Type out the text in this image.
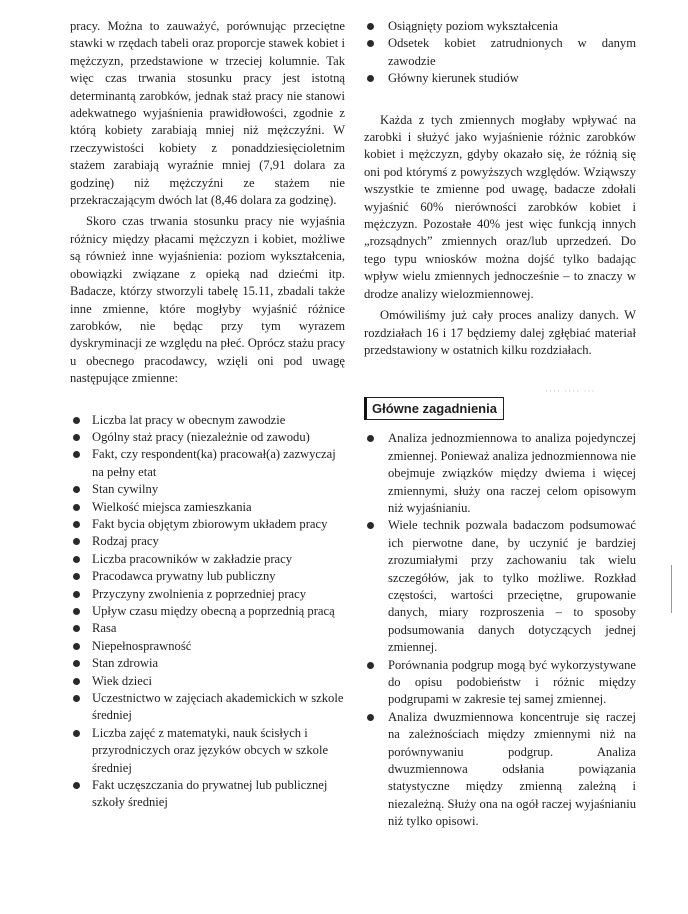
pracy. Można to zauważyć, porównując przeciętne stawki w rzędach tabeli oraz proporcje stawek kobiet i mężczyzn, przedstawione w trzeciej kolumnie. Tak więc czas trwania stosunku pracy jest istotną determinantą zarobków, jednak staż pracy nie stanowi adekwatnego wyjaśnienia prawidłowości, zgodnie z którą kobiety zarabiają mniej niż mężczyźni. W rzeczywistości kobiety z ponaddziesięcioletnim stażem zarabiają wyraźnie mniej (7,91 dolara za godzinę) niż mężczyźni ze stażem nie przekraczającym dwóch lat (8,46 dolara za godzinę).

Skoro czas trwania stosunku pracy nie wyjaśnia różnicy między płacami mężczyzn i kobiet, możliwe są również inne wyjaśnienia: poziom wykształcenia, obowiązki związane z opieką nad dziećmi itp. Badacze, którzy stworzyli tabelę 15.11, zbadali także inne zmienne, które mogłyby wyjaśnić różnice zarobków, nie będąc przy tym wyrazem dyskryminacji ze względu na płeć. Oprócz stażu pracy u obecnego pracodawcy, wzięli oni pod uwagę następujące zmienne:

Liczba lat pracy w obecnym zawodzie
Ogólny staż pracy (niezależnie od zawodu)
Fakt, czy respondent(ka) pracował(a) zazwyczaj na pełny etat
Stan cywilny
Wielkość miejsca zamieszkania
Fakt bycia objętym zbiorowym układem pracy
Rodzaj pracy
Liczba pracowników w zakładzie pracy
Pracodawca prywatny lub publiczny
Przyczyny zwolnienia z poprzedniej pracy
Upływ czasu między obecną a poprzednią pracą
Rasa
Niepełnosprawność
Stan zdrowia
Wiek dzieci
Uczestnictwo w zajęciach akademickich w szkole średniej
Liczba zajęć z matematyki, nauk ścisłych i przyrodniczych oraz języków obcych w szkole średniej
Fakt uczęszczania do prywatnej lub publicznej szkoły średniej
Osiągnięty poziom wykształcenia
Odsetek kobiet zatrudnionych w danym zawodzie
Główny kierunek studiów

Każda z tych zmiennych mogłaby wpływać na zarobki i służyć jako wyjaśnienie różnic zarobków kobiet i mężczyzn, gdyby okazało się, że różnią się oni pod którymś z powyższych względów. Wziąwszy wszystkie te zmienne pod uwagę, badacze zdołali wyjaśnić 60% nierówności zarobków kobiet i mężczyzn. Pozostałe 40% jest więc funkcją innych „rozsądnych” zmiennych oraz/lub uprzedzeń. Do tego typu wniosków można dojść tylko badając wpływ wielu zmiennych jednocześnie – to znaczy w drodze analizy wielozmiennowej.

Omówiliśmy już cały proces analizy danych. W rozdziałach 16 i 17 będziemy dalej zgłębiać materiał przedstawiony w ostatnich kilku rozdziałach.

Główne zagadnienia
Analiza jednozmiennowa to analiza pojedynczej zmiennej. Ponieważ analiza jednozmiennowa nie obejmuje związków między dwiema i więcej zmiennymi, służy ona raczej celom opisowym niż wyjaśnianiu.
Wiele technik pozwala badaczom podsumować ich pierwotne dane, by uczynić je bardziej zrozumiałymi przy zachowaniu tak wielu szczegółów, jak to tylko możliwe. Rozkład częstości, wartości przeciętne, grupowanie danych, miary rozproszenia – to sposoby podsumowania danych dotyczących jednej zmiennej.
Porównania podgrup mogą być wykorzystywane do opisu podobieństw i różnic między podgrupami w zakresie tej samej zmiennej.
Analiza dwuzmiennowa koncentruje się raczej na zależnościach między zmiennymi niż na porównywaniu podgrup. Analiza dwuzmiennowa odsłania powiązania statystyczne między zmienną zależną i niezależną. Służy ona na ogół raczej wyjaśnianiu niż tylko opisowi.
···· ···· ···
